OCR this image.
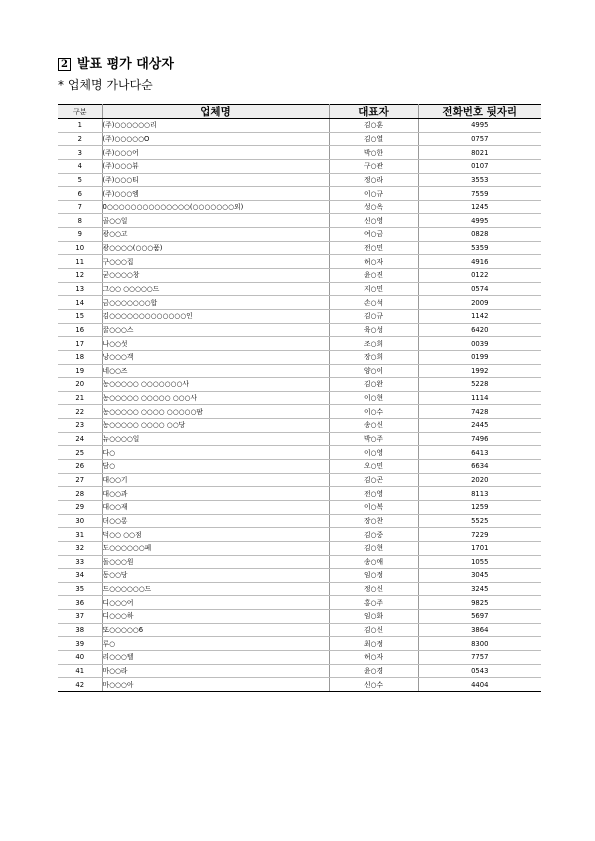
2 발표 평가 대상자
* 업체명 가나다순
구분	업체명	대표자	전화번호 뒷자리
1	(주)○○○○○○리	김○훈	4995
2	(주)○○○○○O	김○열	0757
3	(주)○○○어	박○한	8021
4	(주)○○○뷰	구○관	0107
5	(주)○○○티	정○라	3553
6	(주)○○○엠	이○규	7559
7	0○○○○○○○○○○○○○○(○○○○○○○외)	성○옥	1245
8	골○○일	신○영	4995
9	광○○고	여○금	0828
10	광○○○○(○○○품)	전○민	5359
11	구○○○집	허○자	4916
12	굳○○○○창	윤○진	0122
13	그○○ ○○○○○드	지○민	0574
14	금○○○○○○○합	손○석	2009
15	김○○○○○○○○○○○○○인	김○규	1142
16	꿀○○○스	육○성	6420
17	나○○섯	조○희	0039
18	낭○○○객	장○희	0199
19	네○○즈	양○이	1992
20	농○○○○○ ○○○○○○○사	김○완	5228
21	농○○○○○ ○○○○○ ○○○사	이○현	1114
22	농○○○○○ ○○○○ ○○○○○팜	이○수	7428
23	농○○○○○ ○○○○ ○○당	송○신	2445
24	뉴○○○○일	박○주	7496
25	다○	이○영	6413
26	담○	오○민	6634
27	대○○기	김○곤	2020
28	대○○과	전○영	8113
29	대○○재	이○복	1259
30	더○○롱	장○찬	5525
31	덕○○ ○○점	김○중	7229
32	도○○○○○○페	김○현	1701
33	돌○○○원	송○애	1055
34	동○○당	임○정	3045
35	드○○○○○○드	정○신	3245
36	디○○○어	홍○주	9825
37	디○○○하	임○화	5697
38	또○○○○○6	김○신	3864
39	루○	최○정	8300
40	리○○○텔	허○자	7757
41	마○○라	윤○경	0543
42	마○○○아	신○수	4404
